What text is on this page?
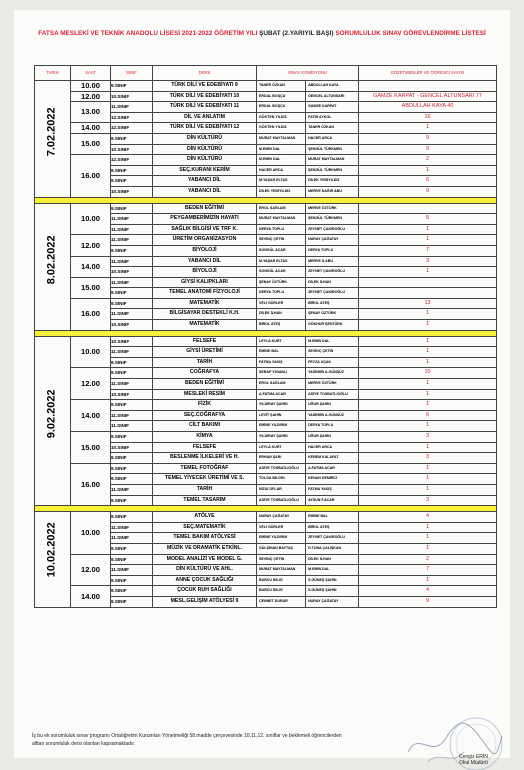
FATSA MESLEKİ VE TEKNİK ANADOLU LİSESİ 2021-2022 ÖĞRETİM YILI ŞUBAT (2.YARIYIL BAŞI) SORUMLULUK SINAV GÖREVLENDİRME LİSTESİ
TARİH	SAAT	SINIF	DERS	SINAV KOMİSYONU	GÖZETMENLER VE ÖĞRENCİ SAYISI

7.02.2022	10.00	9.SINIF	TÜRK DİLİ VE EDEBİYATI 9	TANER ÖZKAN ABDULLAH KAYA	

	12.00	10.SINIF	TÜRK DİLİ VE EDEBİYATI 10	ERDAL BOŞÇU GENCEL ALTUNSARI	GAMZE KARPAT - GENCEL ALTUNSARI 77
	13.00	11.SINIF	TÜRK DİLİ VE EDEBİYATI 11	ERDAL BOŞÇU GAMZE KARPAT	ABDULLAH KAYA 40
		12.SINIF	DİL VE ANLATIM	GÖKTEN YILDIZ FATİH AYKOL	16
	14.00	12.SINIF	TÜRK DİLİ VE EDEBİYATI 12	GÖKTEN YILDIZ TANER ÖZKAN	1
	15.00	9.SINIF	DİN KÜLTÜRÜ	MURAT MAYTALMAN HACER ARCA	9
		10.SINIF	DİN KÜLTÜRÜ	M.EMİN DAL ŞENGÜL TÜRKMEN	9
	16.00	12.SINIF	DİN KÜLTÜRÜ	M.EMİN DAL MURAT MAYTALMAN	2
		9.SINIF	SEÇ.KURANI KERİM	HACER ARCA ŞENGÜL TÜRKMEN	1
		9.SINIF	YABANCI DİL	M.YAŞAR ELTAS DİLEK YEDİYILDIZ	6
		10.SINIF	YABANCI DİL	DİLEK YEDİYILDIZ MERVE SAĞIR ABU	9

8.02.2022	10.00	9.SINIF	BEDEN EĞİTİMİ	EROL SAĞLAM MERVE ÖZTÜRK	

		11.SINIF	PEYGAMBERİMİZİN HAYATI	MURAT MAYTALMAN ŞENGÜL TÜRKMEN	5
		11.SINIF	SAĞLIK BİLGİSİ VE TRF K.	DERYA TOPLU ZEYNET ÇAKIROĞLU	1
	12.00	11.SINIF	ÜRETİM ORGANİZASYON	SEVİNÇ ÇETİN NURAY ÇAĞATAY	1
		9.SINIF	BİYOLOJİ	SONGÜL ACAR DERYA TOPLU	7
	14.00	11.SINIF	YABANCI DİL	M.YAŞAR ELTAS MERVE S.ABU	3
		10.SINIF	BİYOLOJİ	SONGÜL ACAR ZEYNET ÇAKIROĞLU	1
	15.00	11.SINIF	GİYSİ KALIPKLARI	ŞENAY ÖZTÜRK DİLEK İLHAN	

		9.SINIF	TEMEL ANATOMİ FİZYOLOJİ	DERYA TOPLU ZEYNET ÇAKIROĞLU	

	16.00	9.SINIF	MATEMATİK	VELİ GÜRLER BİROL ATEŞ	13
		11.SINIF	BİLGİSAYAR DESTEKLİ K.H.	DİLEK İLHAN ŞENAY ÖZTÜRK	1
		10.SINIF	MATEMATİK	BİROL ATEŞ GÖKHUR ŞENTÜRK	1

9.02.2022	10.00	10.SINIF	FELSEFE	LEYLA KURT M.EMİN DAL	1
		11.SINIF	GİYSİ ÜRETİMİ	EMİNE BAL SEVİNÇ ÇETİN	1
		9.SINIF	TARİH	FATMA YAKIŞ FEYZA UÇAK	1
	12.00	9.SINIF	COĞRAFYA	SERAP Y.İNANLI YASEMİN A.GÜNDÜZ	10
		11.SINIF	BEDEN EĞİTİMİ	EROL SAĞLAM MERVE ÖZTÜRK	1
		10.SINIF	MESLEKİ RESİM	A.FATMA ACAR ASİYE TOSBATLIOĞLU	1
	14.00	9.SINIF	FİZİK	YILDIRAY ŞAHİN UĞUR ŞAHİN	1
		11.SINIF	SEÇ.COĞRAFYA	LEVİT ŞAHİN YASEMİN A.GÜNDÜZ	6
		11.SINIF	CİLT BAKIMI	EMİNE YILDIRIM DERYA TOPLU	1
	15.00	9.SINIF	KİMYA	YILDIRAY ŞAHİN UĞUR ŞAHİN	3
		10.SINIF	FELSEFE	LEYLA KURT HACER ARCA	1
		9.SINIF	BESLENME İLKELERİ VE H.	ERHAN ŞARI KEREM KALAFAT	3
	16.00	9.SINIF	TEMEL FOTOĞRAF	ASİYE TOSBATLIOĞLU A.FATMA ACAR	1
		9.SINIF	TEMEL YİYECEK ÜRETİMİ VE S.	TOLGA BİLGİN KENAN DEMİRCİ	1
		11.SINIF	TARİH	NİZAİ OFLAR FATMA YAKIŞ	1
		9.SINIF	TEMEL TASARIM	ASİYE TOSBATLIOĞLU AYSUN F.ACAR	3

10.02.2022	10.00	9.SINIF	ATÖLYE	NURAY ÇAĞATAY EMİNE BAL	4
		11.SINIF	SEÇ.MATEMATİK	VELİ GÜRLER BİROL ATEŞ	1
		11.SINIF	TEMEL BAKIM ATÖLYESİ	EMİNE YILDIRIM ZEYNET ÇAKIROĞLU	1
		9.SINIF	MÜZİK VE DRAMATİK ETKİNL.	GÜLŞİHAN BAYTAŞ D.TUNA ÇALIŞKAN	1
	12.00	9.SINIF	MODEL ANALİZİ VE MODEL G.	SEVİNÇ ÇETİN DİLEK İLHAN	2
		11.SINIF	DİN KÜLTÜRÜ VE AHL.	MURAT MAYTALMAN M.EMİN DAL	7
		9.SINIF	ANNE ÇOCUK SAĞLIĞI	BURCU BİLGİ S.GÜNEŞ ŞAHİN	1
	14.00	9.SINIF	ÇOCUK RUH SAĞLIĞI	BURCU BİLGİ S.GÜNEŞ ŞAHİN	4
		9.SINIF	MESL.GELİŞİM ATÖLYESİ 9	CENNET DURAR NURAY ÇAĞATAY	9
İş bu ek sorumluluk sınav programı Ortaöğretim Kurumları Yönetmeliği 58.madde çerçevesinde 10,11,12. sınıflar ve beklemeli öğrencilerden
alttan sorumluluk dersi olanları kapsamaktadır.
Cengiz ERİN
Okul Müdürü
